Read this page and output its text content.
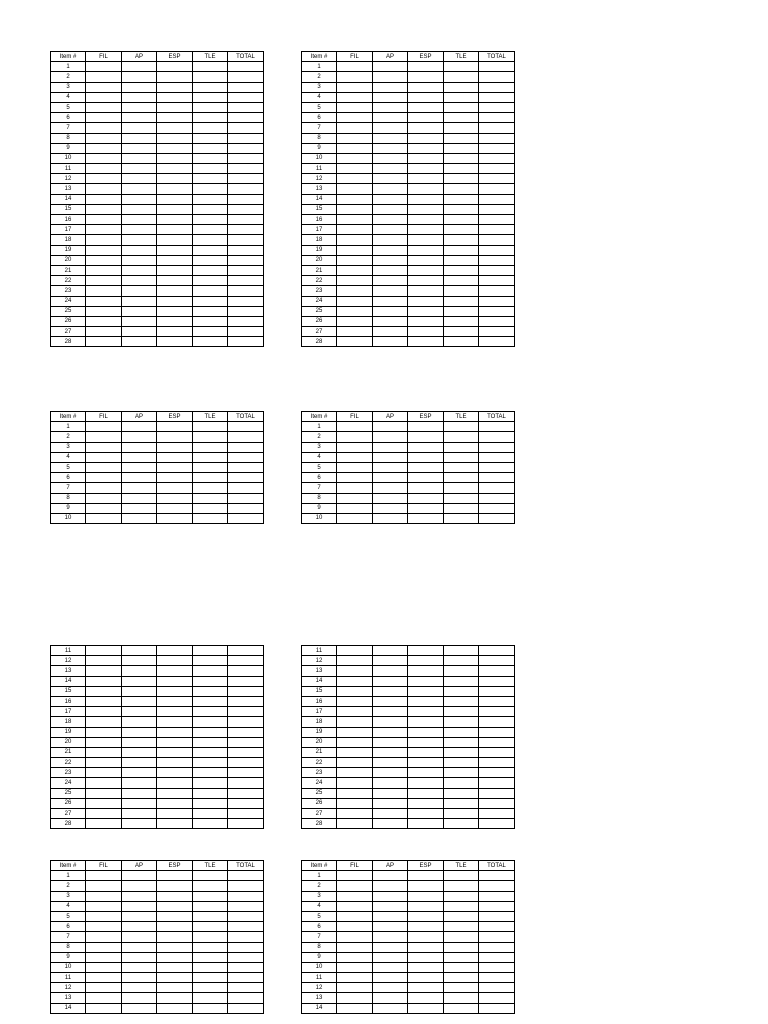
Item #	FIL	AP	ESP	TLE	TOTAL
1					
2					
3					
4					
5					
6					
7					
8					
9					
10					
11					
12					
13					
14					
15					
16					
17					
18					
19					
20					
21					
22					
23					
24					
25					
26					
27					
28					
Item #	FIL	AP	ESP	TLE	TOTAL
1					
2					
3					
4					
5					
6					
7					
8					
9					
10					
11					
12					
13					
14					
15					
16					
17					
18					
19					
20					
21					
22					
23					
24					
25					
26					
27					
28					
Item #	FIL	AP	ESP	TLE	TOTAL
1					
2					
3					
4					
5					
6					
7					
8					
9					
10					
Item #	FIL	AP	ESP	TLE	TOTAL
1					
2					
3					
4					
5					
6					
7					
8					
9					
10					
11					
12					
13					
14					
15					
16					
17					
18					
19					
20					
21					
22					
23					
24					
25					
26					
27					
28					
11					
12					
13					
14					
15					
16					
17					
18					
19					
20					
21					
22					
23					
24					
25					
26					
27					
28					
Item #	FIL	AP	ESP	TLE	TOTAL
1					
2					
3					
4					
5					
6					
7					
8					
9					
10					
11					
12					
13					
14					
Item #	FIL	AP	ESP	TLE	TOTAL
1					
2					
3					
4					
5					
6					
7					
8					
9					
10					
11					
12					
13					
14					
